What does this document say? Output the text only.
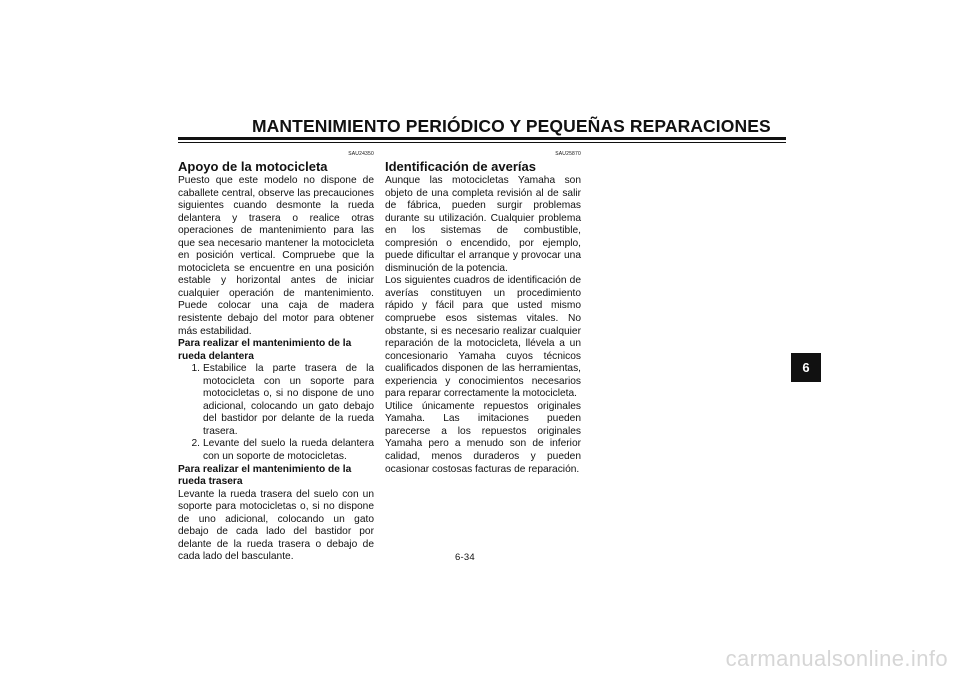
MANTENIMIENTO PERIÓDICO Y PEQUEÑAS REPARACIONES
SAU24350
Apoyo de la motocicleta

Puesto que este modelo no dispone de caballete central, observe las precauciones siguientes cuando desmonte la rueda delantera y trasera o realice otras operaciones de mantenimiento para las que sea necesario mantener la motocicleta en posición vertical. Compruebe que la motocicleta se encuentre en una posición estable y horizontal antes de iniciar cualquier operación de mantenimiento. Puede colocar una caja de madera resistente debajo del motor para obtener más estabilidad.

Para realizar el mantenimiento de la rueda delantera

1. Estabilice la parte trasera de la motocicleta con un soporte para motocicletas o, si no dispone de uno adicional, colocando un gato debajo del bastidor por delante de la rueda trasera.
2. Levante del suelo la rueda delantera con un soporte de motocicletas.

Para realizar el mantenimiento de la rueda trasera

Levante la rueda trasera del suelo con un soporte para motocicletas o, si no dispone de uno adicional, colocando un gato debajo de cada lado del bastidor por delante de la rueda trasera o debajo de cada lado del basculante.

SAU25870
Identificación de averías

Aunque las motocicletas Yamaha son objeto de una completa revisión al de salir de fábrica, pueden surgir problemas durante su utilización. Cualquier problema en los sistemas de combustible, compresión o encendido, por ejemplo, puede dificultar el arranque y provocar una disminución de la potencia.

Los siguientes cuadros de identificación de averías constituyen un procedimiento rápido y fácil para que usted mismo compruebe esos sistemas vitales. No obstante, si es necesario realizar cualquier reparación de la motocicleta, llévela a un concesionario Yamaha cuyos técnicos cualificados disponen de las herramientas, experiencia y conocimientos necesarios para reparar correctamente la motocicleta.

Utilice únicamente repuestos originales Yamaha. Las imitaciones pueden parecerse a los repuestos originales Yamaha pero a menudo son de inferior calidad, menos duraderos y pueden ocasionar costosas facturas de reparación.

6
6-34
carmanualsonline.info
